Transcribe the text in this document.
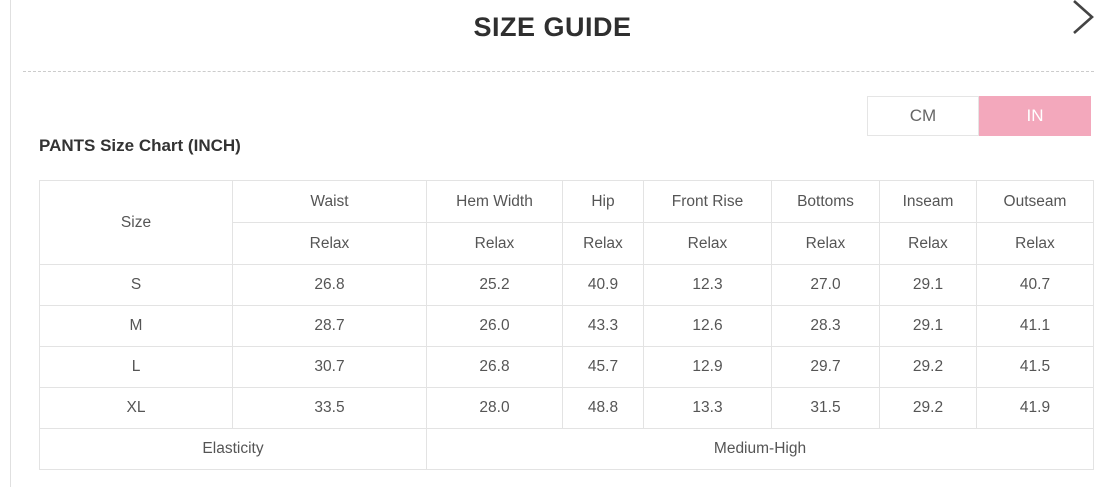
SIZE GUIDE
CM	IN
PANTS Size Chart (INCH)
Size	Waist	Hem Width	Hip	Front Rise	Bottoms	Inseam	Outseam
	Relax	Relax	Relax	Relax	Relax	Relax	Relax
S	26.8	25.2	40.9	12.3	27.0	29.1	40.7
M	28.7	26.0	43.3	12.6	28.3	29.1	41.1
L	30.7	26.8	45.7	12.9	29.7	29.2	41.5
XL	33.5	28.0	48.8	13.3	31.5	29.2	41.9
Elasticity		Medium-High					
